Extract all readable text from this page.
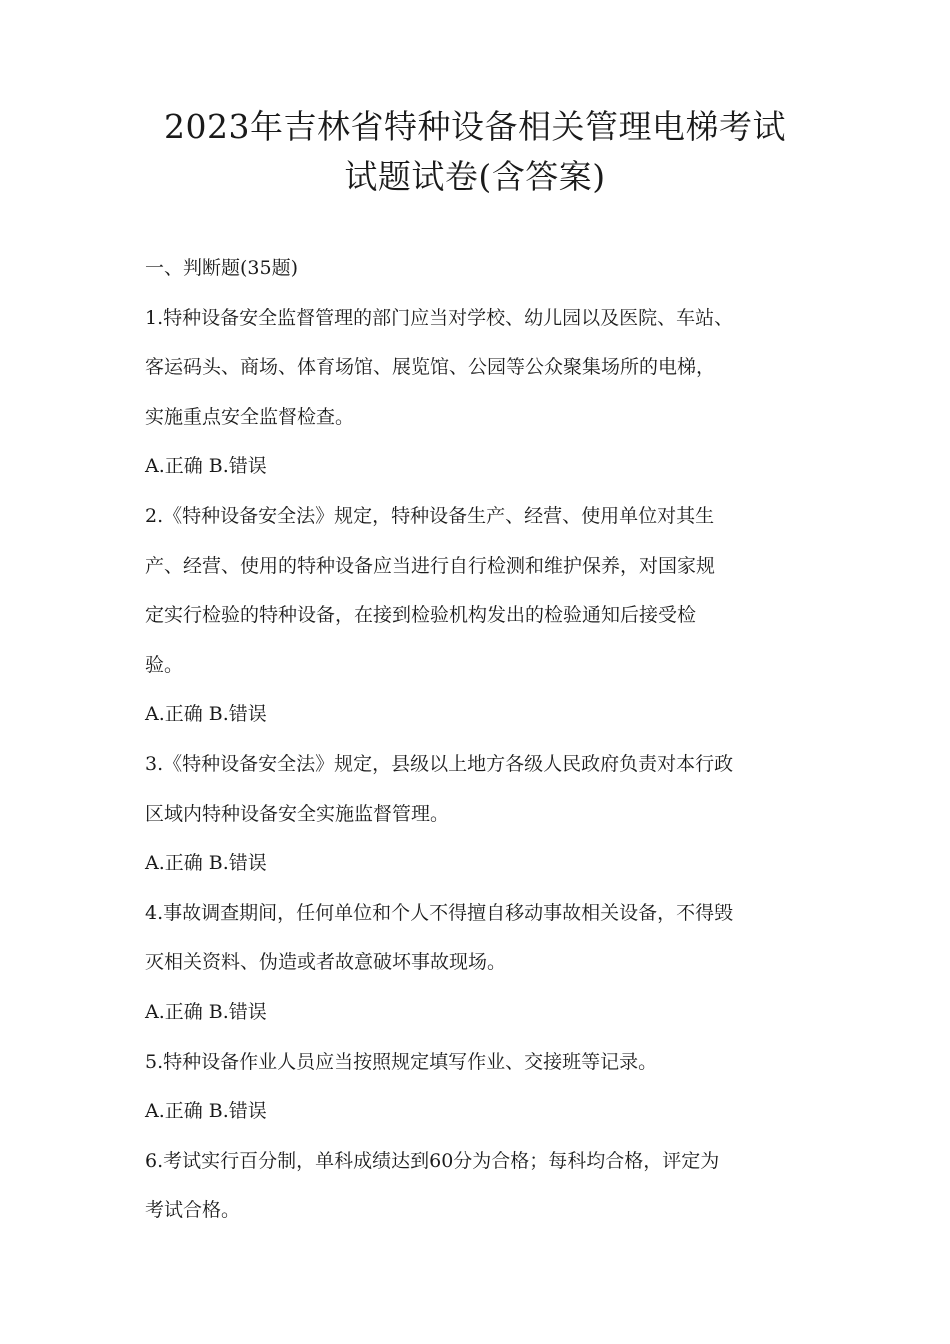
2023年吉林省特种设备相关管理电梯考试
试题试卷(含答案)

一、判断题(35题)

1.特种设备安全监督管理的部门应当对学校、幼儿园以及医院、车站、
客运码头、商场、体育场馆、展览馆、公园等公众聚集场所的电梯，
实施重点安全监督检查。

A.正确 B.错误

2.《特种设备安全法》规定，特种设备生产、经营、使用单位对其生
产、经营、使用的特种设备应当进行自行检测和维护保养，对国家规
定实行检验的特种设备，在接到检验机构发出的检验通知后接受检
验。

A.正确 B.错误

3.《特种设备安全法》规定，县级以上地方各级人民政府负责对本行政
区域内特种设备安全实施监督管理。

A.正确 B.错误

4.事故调查期间，任何单位和个人不得擅自移动事故相关设备，不得毁
灭相关资料、伪造或者故意破坏事故现场。

A.正确 B.错误

5.特种设备作业人员应当按照规定填写作业、交接班等记录。

A.正确 B.错误

6.考试实行百分制，单科成绩达到60分为合格；每科均合格，评定为
考试合格。
